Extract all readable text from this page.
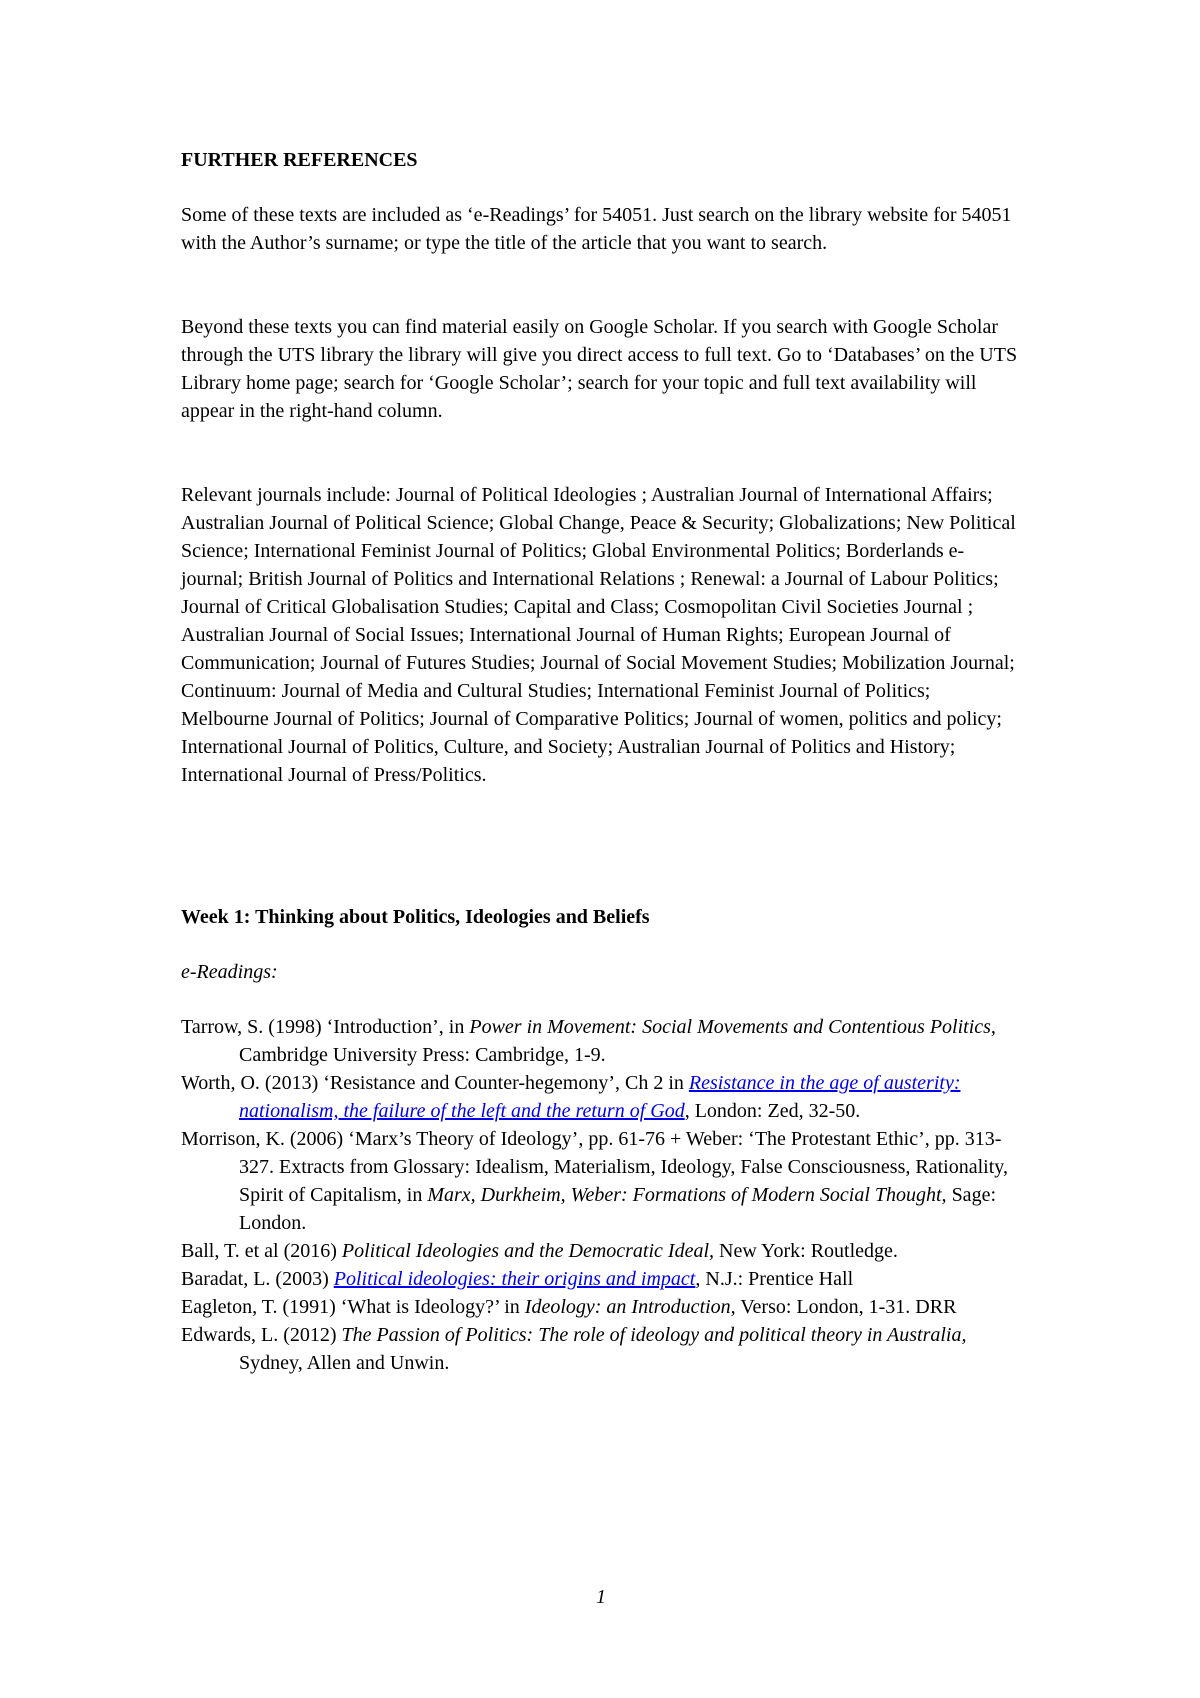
FURTHER REFERENCES

Some of these texts are included as ‘e-Readings’ for 54051. Just search on the library website for 54051 with the Author’s surname; or type the title of the article that you want to search.

Beyond these texts you can find material easily on Google Scholar. If you search with Google Scholar through the UTS library the library will give you direct access to full text. Go to ‘Databases’ on the UTS Library home page; search for ‘Google Scholar’; search for your topic and full text availability will appear in the right-hand column.

Relevant journals include: Journal of Political Ideologies ; Australian Journal of International Affairs; Australian Journal of Political Science; Global Change, Peace & Security; Globalizations; New Political Science; International Feminist Journal of Politics; Global Environmental Politics; Borderlands e-journal; British Journal of Politics and International Relations ; Renewal: a Journal of Labour Politics; Journal of Critical Globalisation Studies; Capital and Class; Cosmopolitan Civil Societies Journal ; Australian Journal of Social Issues; International Journal of Human Rights; European Journal of Communication; Journal of Futures Studies; Journal of Social Movement Studies; Mobilization Journal; Continuum: Journal of Media and Cultural Studies; International Feminist Journal of Politics; Melbourne Journal of Politics; Journal of Comparative Politics; Journal of women, politics and policy; International Journal of Politics, Culture, and Society; Australian Journal of Politics and History; International Journal of Press/Politics.

Week 1: Thinking about Politics, Ideologies and Beliefs

e-Readings:

Tarrow, S. (1998) ‘Introduction’, in Power in Movement: Social Movements and Contentious Politics, Cambridge University Press: Cambridge, 1-9.

Worth, O. (2013) ‘Resistance and Counter-hegemony’, Ch 2 in Resistance in the age of austerity: nationalism, the failure of the left and the return of God, London: Zed, 32-50.

Morrison, K. (2006) ‘Marx’s Theory of Ideology’, pp. 61-76 + Weber: ‘The Protestant Ethic’, pp. 313-327. Extracts from Glossary: Idealism, Materialism, Ideology, False Consciousness, Rationality, Spirit of Capitalism, in Marx, Durkheim, Weber: Formations of Modern Social Thought, Sage: London.

Ball, T. et al (2016) Political Ideologies and the Democratic Ideal, New York: Routledge.

Baradat, L. (2003) Political ideologies: their origins and impact, N.J.: Prentice Hall

Eagleton, T. (1991) ‘What is Ideology?’ in Ideology: an Introduction, Verso: London, 1-31. DRR

Edwards, L. (2012) The Passion of Politics: The role of ideology and political theory in Australia, Sydney, Allen and Unwin.

1
